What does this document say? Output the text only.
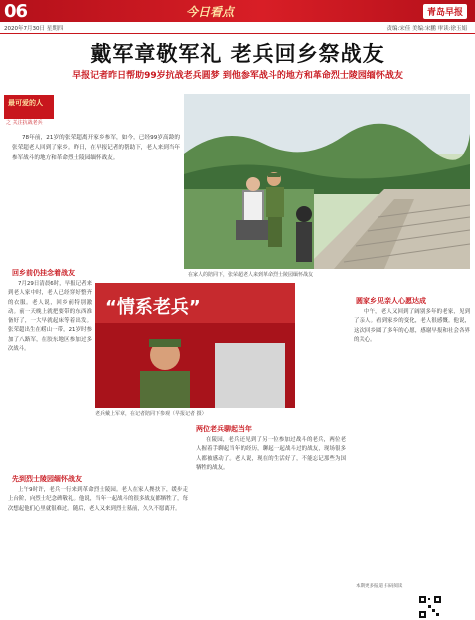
06	今日看点	青岛早报
2020年7月30日 星期四	责编:宋佳 美编:宋鹏 审读:徐玉娟
戴军章敬军礼 老兵回乡祭战友
早报记者昨日帮助99岁抗战老兵圆梦 到他参军战斗的地方和革命烈士陵园缅怀战友
最可爱的人
之 关注抗战老兵

78年前，21岁的张荣超离开家乡参军，如今，已经99岁高龄的张荣超老人回到了家乡。昨日，在早报记者的帮助下，老人来到当年参军战斗的地方和革命烈士陵园缅怀战友。

在家人的陪同下，张荣超老人来到革命烈士陵园缅怀战友
“情系老兵”
老兵戴上军章，在记者陪同下参观（早报记者 摄）
回乡前仍挂念着战友

7月29日清晨6时，早报记者来到老人家中时，老人已经穿好整齐的衣服。老人说，回乡前特别激动。前一天晚上就把要带的东西准备好了，一大早就起床等着出发。张荣超出生在崂山一带，21岁时参加了八路军，在胶东地区参加过多次战斗。

先到烈士陵园缅怀战友

上午9时许，老兵一行来到革命烈士陵园。老人在家人搀扶下，缓步走上台阶，向烈士纪念碑敬礼。他说，当年一起战斗的很多战友都牺牲了，每次想起他们心里就很难过。随后，老人又来到烈士墓前，久久不愿离开。

两位老兵聊起当年

在陵园，老兵还见到了另一位参加过战斗的老兵，两位老人握着手聊起当年的经历，聊起一起战斗过的战友，现场很多人都被感动了。老人说，现在的生活好了，不能忘记那些为国牺牲的战友。

圆家乡见亲人心愿达成

中午，老人又回到了阔别多年的老家，见到了亲人。看到家乡的变化，老人很感慨。他说，这次回乡圆了多年的心愿，感谢早报和社会各界的关心。

本期更多报道 扫码阅读
